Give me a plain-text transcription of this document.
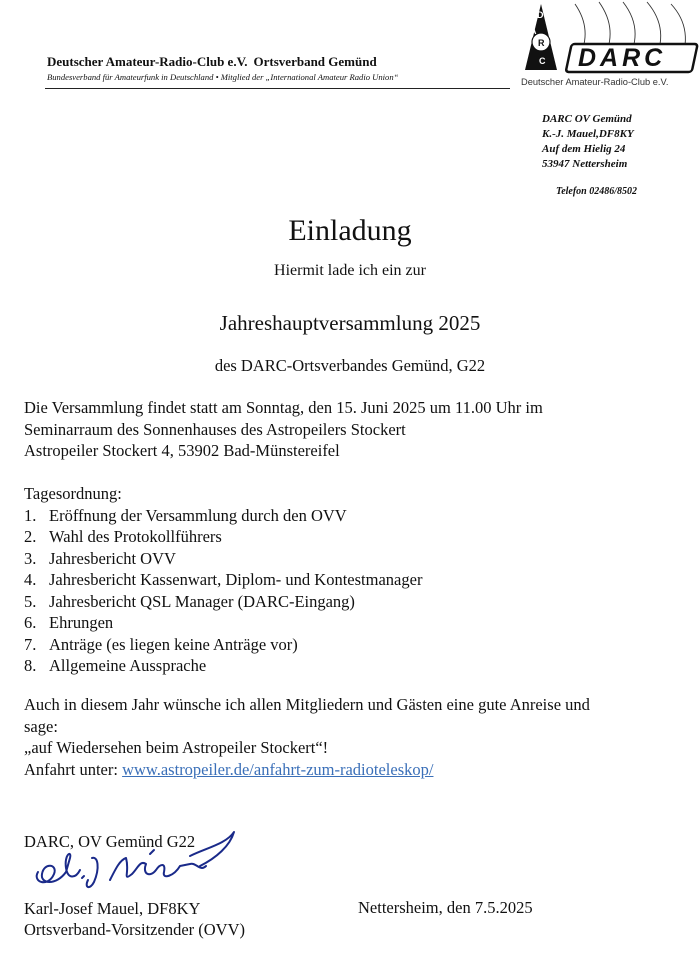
Deutscher Amateur-Radio-Club e.V. Ortsverband Gemünd
Bundesverband für Amateurfunk in Deutschland • Mitglied der „International Amateur Radio Union“
D
A
R
C DARC
Deutscher Amateur-Radio-Club e.V.
DARC OV Gemünd
K.-J. Mauel,DF8KY
Auf dem Hielig 24
53947 Nettersheim
Telefon 02486/8502
Einladung
Hiermit lade ich ein zur
Jahreshauptversammlung 2025
des DARC-Ortsverbandes Gemünd, G22
Die Versammlung findet statt am Sonntag, den 15. Juni 2025 um 11.00 Uhr im
Seminarraum des Sonnenhauses des Astropeilers Stockert
Astropeiler Stockert 4, 53902 Bad-Münstereifel
Tagesordnung:
1. Eröffnung der Versammlung durch den OVV
2. Wahl des Protokollführers
3. Jahresbericht OVV
4. Jahresbericht Kassenwart, Diplom- und Kontestmanager
5. Jahresbericht QSL Manager (DARC-Eingang)
6. Ehrungen
7. Anträge (es liegen keine Anträge vor)
8. Allgemeine Aussprache
Auch in diesem Jahr wünsche ich allen Mitgliedern und Gästen eine gute Anreise und
sage:
„auf Wiedersehen beim Astropeiler Stockert“!
Anfahrt unter: www.astropeiler.de/anfahrt-zum-radioteleskop/
DARC, OV Gemünd G22
Karl-Josef Mauel, DF8KY
Ortsverband-Vorsitzender (OVV)
Nettersheim, den 7.5.2025
